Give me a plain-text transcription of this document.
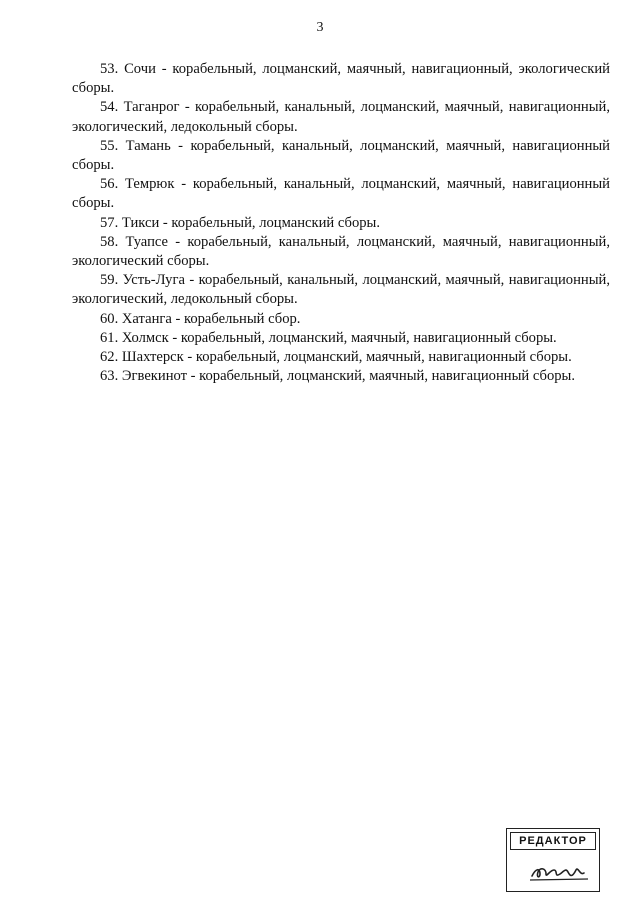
3

53. Сочи - корабельный, лоцманский, маячный, навигационный, экологический сборы.

54. Таганрог - корабельный, канальный, лоцманский, маячный, навигационный, экологический, ледокольный сборы.

55. Тамань - корабельный, канальный, лоцманский, маячный, навигационный сборы.

56. Темрюк - корабельный, канальный, лоцманский, маячный, навигационный сборы.

57. Тикси - корабельный, лоцманский сборы.

58. Туапсе - корабельный, канальный, лоцманский, маячный, навигационный, экологический сборы.

59. Усть-Луга - корабельный, канальный, лоцманский, маячный, навигационный, экологический, ледокольный сборы.

60. Хатанга - корабельный сбор.

61. Холмск - корабельный, лоцманский, маячный, навигационный сборы.

62. Шахтерск - корабельный, лоцманский, маячный, навигационный сборы.

63. Эгвекинот - корабельный, лоцманский, маячный, навигационный сборы.

РЕДАКТОР
